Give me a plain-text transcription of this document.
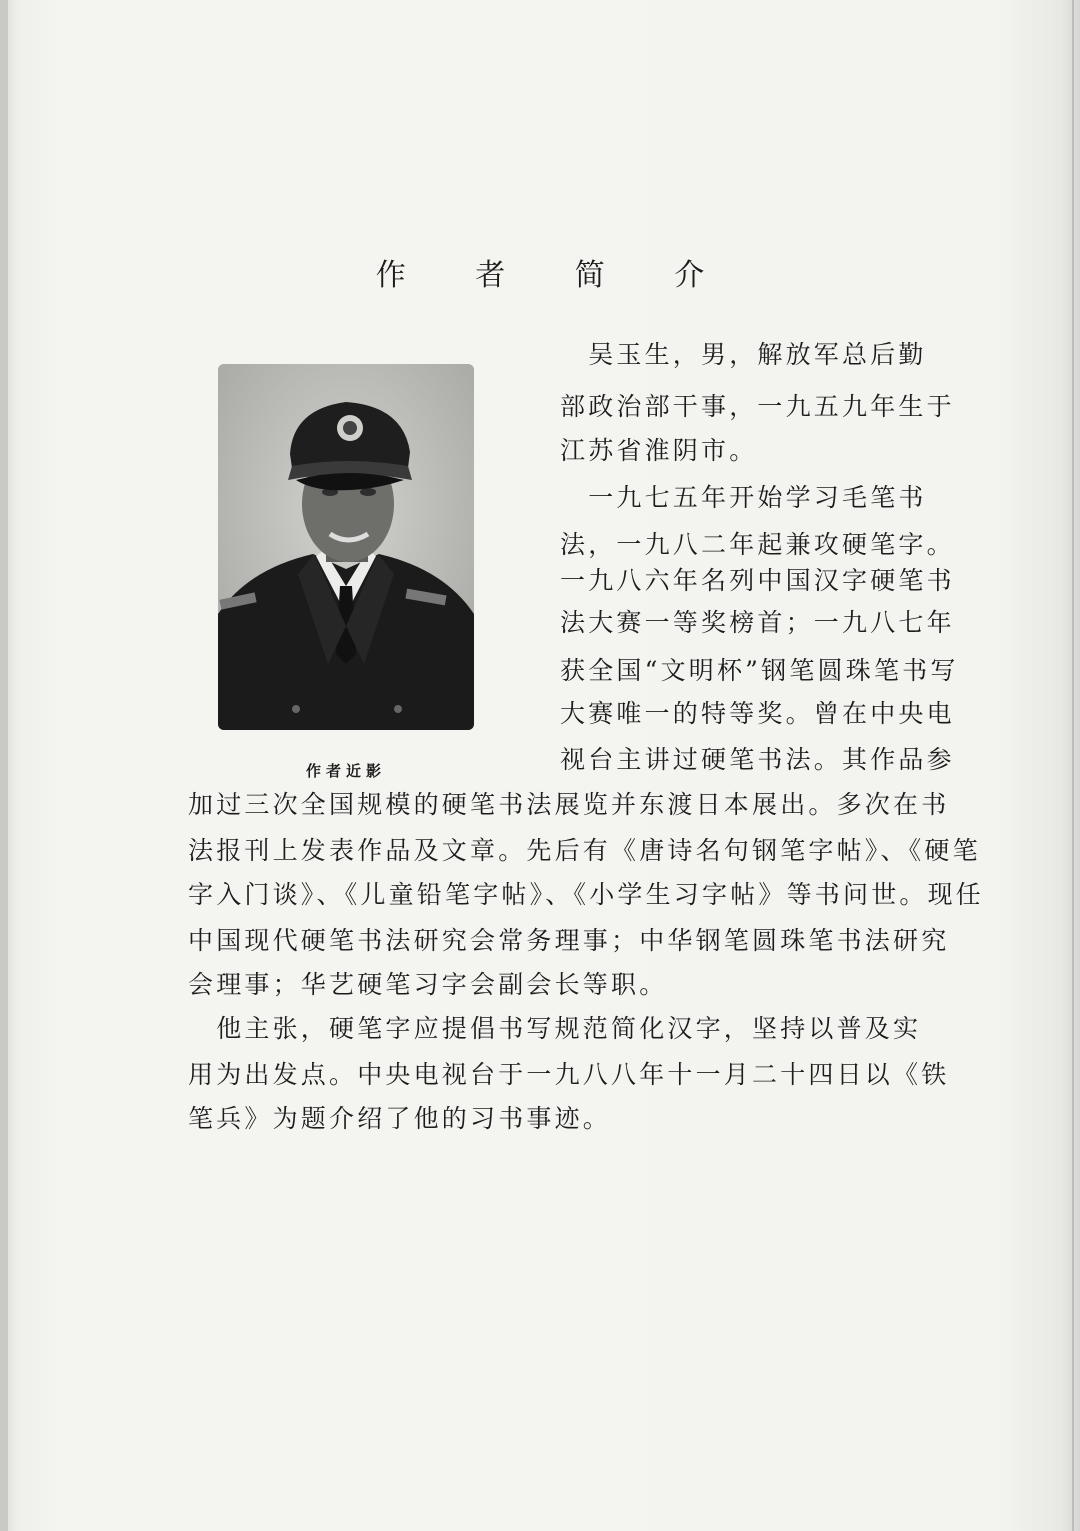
作 者 简 介
作者近影
　吴玉生，男，解放军总后勤
部政治部干事，一九五九年生于
江苏省淮阴市。
　一九七五年开始学习毛笔书
法，一九八二年起兼攻硬笔字。
一九八六年名列中国汉字硬笔书
法大赛一等奖榜首；一九八七年
获全国“文明杯”钢笔圆珠笔书写
大赛唯一的特等奖。曾在中央电
视台主讲过硬笔书法。其作品参
加过三次全国规模的硬笔书法展览并东渡日本展出。多次在书
法报刊上发表作品及文章。先后有《唐诗名句钢笔字帖》、《硬笔
字入门谈》、《儿童铅笔字帖》、《小学生习字帖》等书问世。现任
中国现代硬笔书法研究会常务理事；中华钢笔圆珠笔书法研究
会理事；华艺硬笔习字会副会长等职。
　他主张，硬笔字应提倡书写规范简化汉字，坚持以普及实
用为出发点。中央电视台于一九八八年十一月二十四日以《铁
笔兵》为题介绍了他的习书事迹。
